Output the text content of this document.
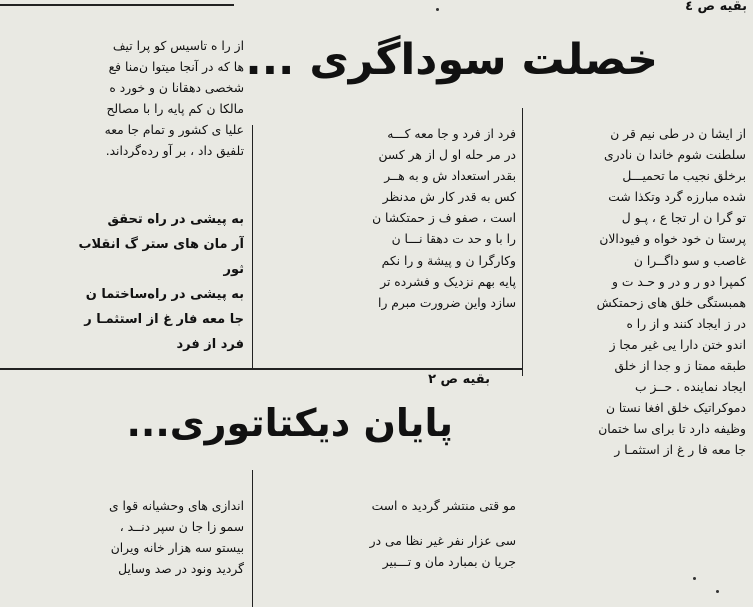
بقیه ص ٤
خصلت سوداگری ...
از ایشا ن در طی نیم قر ن
سلطنت شوم خاندا ن نادری
برخلق نجیب ما تحمیـــل
شده مبارزه گرد وتکذا شت
تو گرا ن ار تجا ع ، پـو ل
پرستا ن خود خواه و فیودالان
غاصب و سو داگــرا ن
کمپرا دو ر و در و حـد ت و
همبستگی خلق های زحمتکش
در ز ایجاد کنند و از را ه
اندو ختن دارا یی غیر مجا ز
طبقه ممتا ز و جدا از خلق
ایجاد نماینده . حــز ب
دموکراتیک خلق افغا نستا ن
وظیفه دارد تا برای سا ختمان
جا معه فا ر غ از استثمـا ر
فرد از فرد و جا معه کـــه
در مر حله او ل از هر کسن
بقدر استعداد ش و به هــر
کس به قدر کار ش مدنظر
است ، صفو ف ز حمتکشا ن
را با و حد ت دهقا نـــا ن
وکارگرا ن و پیشة و را نکم
پایه بهم نزدیک و فشرده تر
سازد واین ضرورت مبرم را
از را ه تاسیس کو پرا تیف
ها که در آنجا میتوا ن‌منا فع
شخصی دهقانا ن و خورد ه
مالکا ن کم پایه را با مصالح
علیا ی کشور و تمام جا معه
تلفیق داد ، بر آو رده‌گرداند.
به پیشی در راه تحقق
آر مان های ستر گ انقلاب
ثور
به پیشی در راه‌ساختما ن
جا معه فار غ از استثمـا ر
فرد از فرد
بقیه ص ۲
پایان دیکتاتوری...
مو قتی منتشر گردید ه است
سی عزار نفر غیر نظا می در
جریا ن بمبارد مان و تـــبیر
اندازی های وحشیانه قوا ی
سمو زا جا ن سپر دنــد ،
بیستو سه هزار خانه ویران
گردید ونود در صد وسایل
